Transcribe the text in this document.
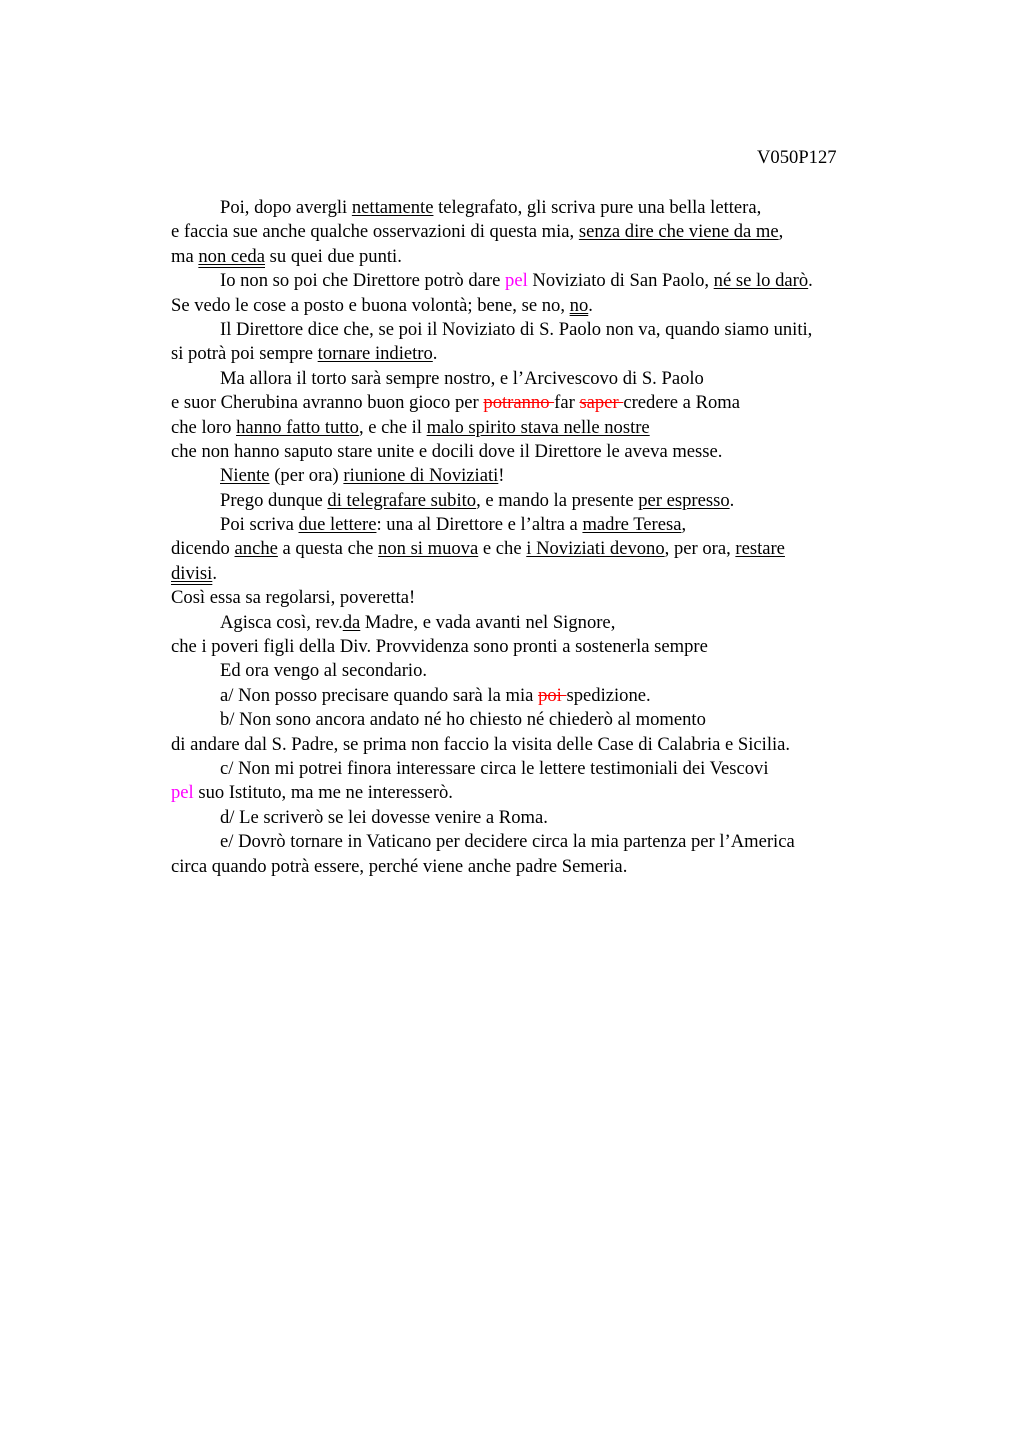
V050P127
Poi, dopo avergli nettamente telegrafato, gli scriva pure una bella lettera,
e faccia sue anche qualche osservazioni di questa mia, senza dire che viene da me,
ma non ceda su quei due punti.
Io non so poi che Direttore potrò dare pel Noviziato di San Paolo, né se lo darò.
Se vedo le cose a posto e buona volontà; bene, se no, no.
Il Direttore dice che, se poi il Noviziato di S. Paolo non va, quando siamo uniti,
si potrà poi sempre tornare indietro.
Ma allora il torto sarà sempre nostro, e l’Arcivescovo di S. Paolo
e suor Cherubina avranno buon gioco per potranno far saper credere a Roma
che loro hanno fatto tutto, e che il malo spirito stava nelle nostre
che non hanno saputo stare unite e docili dove il Direttore le aveva messe.
Niente (per ora) riunione di Noviziati!
Prego dunque di telegrafare subito, e mando la presente per espresso.
Poi scriva due lettere: una al Direttore e l’altra a madre Teresa,
dicendo anche a questa che non si muova e che i Noviziati devono, per ora, restare
divisi.
Così essa sa regolarsi, poveretta!
Agisca così, rev.da Madre, e vada avanti nel Signore,
che i poveri figli della Div. Provvidenza sono pronti a sostenerla sempre
Ed ora vengo al secondario.
a/ Non posso precisare quando sarà la mia poi spedizione.
b/ Non sono ancora andato né ho chiesto né chiederò al momento
di andare dal S. Padre, se prima non faccio la visita delle Case di Calabria e Sicilia.
c/ Non mi potrei finora interessare circa le lettere testimoniali dei Vescovi
pel suo Istituto, ma me ne interesserò.
d/ Le scriverò se lei dovesse venire a Roma.
e/ Dovrò tornare in Vaticano per decidere circa la mia partenza per l’America
circa quando potrà essere, perché viene anche padre Semeria.
